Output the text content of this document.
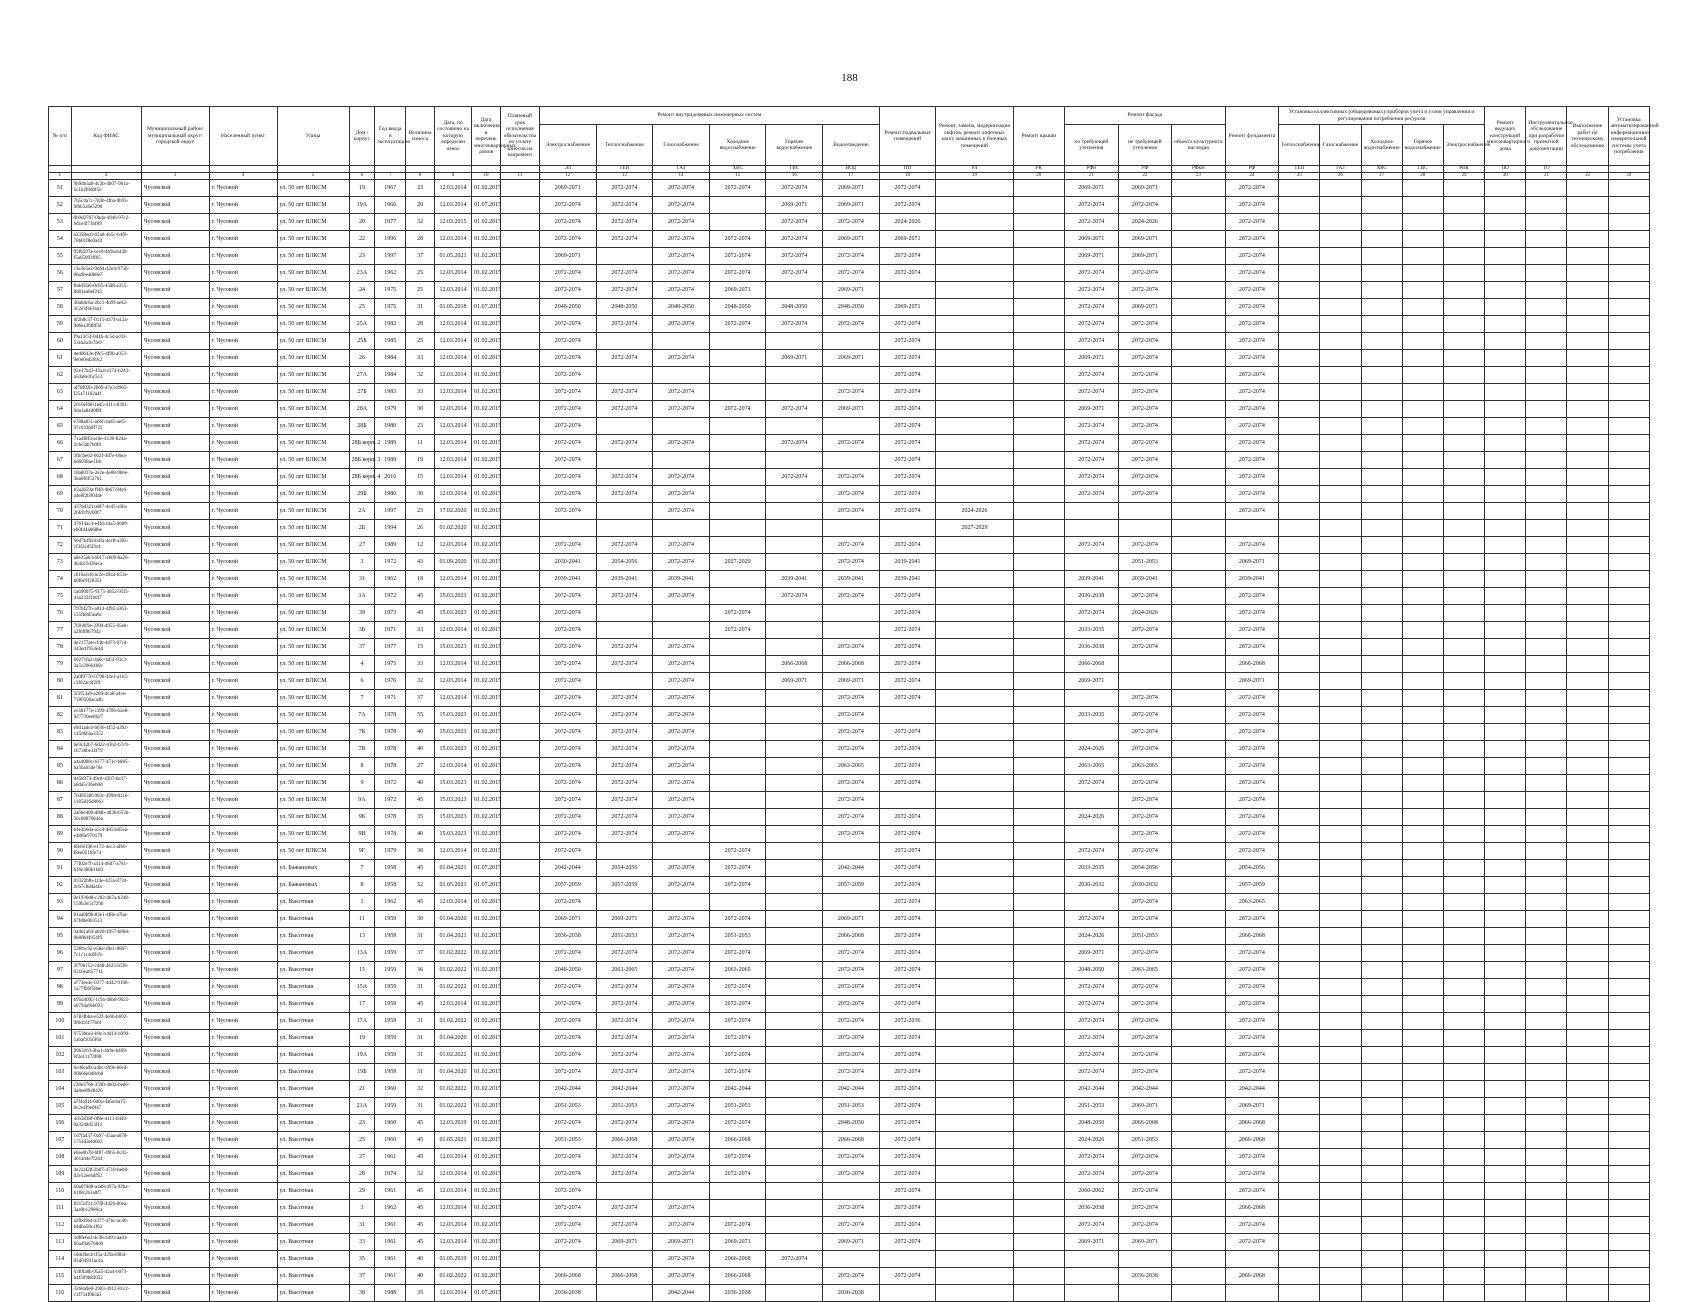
188
№ п/п	Код ФИАС	Муниципальный район/муниципальный округ/городской округ	Населенный пункт	Улица	Дом / корпус	Год ввода в эксплуатацию	Величина износа	Дата, по состоянию на которую определен износ	Дата включения в перечень многоквартирных домов	Плановый срок исполнения обязательства по уплате взносов на капремонт	Ремонт внутридомовых инженерных систем						Ремонт подвальных помещений	Ремонт, замена, модернизация лифтов, ремонт лифтовых шахт, машинных и блочных помещений	Ремонт крыши	Ремонт фасада			Ремонт фундамента	Установка коллективных (общедомовых) приборов учета и узлов управления и регулирования потребления ресурсов					Ремонт ведущих конструкций многоквартирного дома	Инструментальное обследование при разработке проектной документации	Выполнение работ по техническому обследованию	Установка автоматизированной информационно-измерительной системы учета потребления
											Электроснабжение	Теплоснабжение	Газоснабжение	Холодное водоснабжение	Горячее водоснабжение	Водоотведение				по требующей утепления	не требующей утепления	объекта культурного наследия		Теплоснабжение	Газоснабжение	Холодное водоснабжение	Горячее водоснабжение	Электроснабжение				
											ЭЛ	ТЕП	ГАЗ	ХВС	ГВС	ВОД	ПП	РЛ	РК	РФн	УФ	РФкН	РФ	ТЕП	ГАЗ	ХВС	ГВС	РВК	ПО	ТО		
1	2	3	4	5	6	7	8	9	10	11	12	13	14	15	16	17	18	19	20	21	22	23	24	25	26	27	28	29	30	31	32	33
51	9b9db3a0-4c3b-4b07-9b1a-5c1b2f0d6f5e	Чусовской	г. Чусовой	ул. 50 лет ВЛКСМ	19	1967	23	12.03.2014	01.02.2015		2069-2071	2072-2074	2072-2074	2072-2074	2072-2074	2069-2071	2072-2074			2069-2071	2069-2071		2072-2074									
52	7b5c4a7c-7d3b-4fba-9b93-0f6b5a6e5290	Чусовской	г. Чусовой	ул. 50 лет ВЛКСМ	19А	1966	20	12.03.2014	01.07.2015		2072-2074	2072-2074	2072-2074		2069-2071	2069-2071	2072-2074			2072-2074	2072-2074		2072-2074									
53	0b9d2767-0bda-4946-97c2-6d1e4f71bf09	Чусовской	г. Чусовой	ул. 50 лет ВЛКСМ	20	1977	32	12.03.2015	01.02.2015		2072-2074	2072-2074	2072-2074		2072-2074	2072-2074	2024-2026			2072-2074	2024-2026		2072-2074									
54	a3358ec0-65a0-4b5c-b4f0-78b01f8e0a43	Чусовской	г. Чусовой	ул. 50 лет ВЛКСМ	22	1996	28	12.03.2014	01.02.2015		2072-2074	2072-2074	2072-2074	2072-2074	2072-2074	2069-2071	2069-2071			2069-2071	2069-2071		2072-2074									
55	95f6597a-cec0-4b9a-b43b-f5a65093ff05	Чусовской	г. Чусовой	ул. 50 лет ВЛКСМ	23	1997	37	01.05.2021	01.02.2015		2069-2071		2072-2074	2072-2074	2072-2074	2072-2074	2072-2074			2069-2071	2069-2071		2072-2074									
56	c3e3b5e2-9d64-42e4-975b-06a9bea0b8e7	Чусовской	г. Чусовой	ул. 50 лет ВЛКСМ	23А	1962	25	12.03.2014	01.02.2015		2072-2074	2072-2074	2072-2074	2072-2074	2072-2074	2072-2074	2072-2074			2072-2074	2072-2074		2072-2074									
57	fbdd5fa6-0c85-43d8-a355-8d01ea0ef245	Чусовской	г. Чусовой	ул. 50 лет ВЛКСМ	24	1975	25	12.03.2014	01.02.2015		2072-2074	2072-2074	2072-2074	2069-2071		2069-2071				2072-2074	2072-2074		2072-2074									
58	40abdc6a-2bc5-4b9f-ae42-3c2e3f4e1ba1	Чусовской	г. Чусовой	ул. 50 лет ВЛКСМ	25	1975	31	01.05.2018	01.07.2015		2048-2050	2048-2050	2048-2050	2048-2050	2048-2050	2048-2050	2069-2071			2072-2074	2069-2071		2072-2074									
59	0f2b8c37-0115-4374-a12a-9d6ea36f8f5d	Чусовской	г. Чусовой	ул. 50 лет ВЛКСМ	25А	1982	28	12.03.2014	01.02.2015		2072-2074	2072-2074	2072-2074	2072-2074	2072-2074	2072-2074	2072-2074			2072-2074	2072-2074		2072-2074									
60	f9a13c5f-0d46-4c5d-ac03-53ea2a1b7fe9	Чусовской	г. Чусовой	ул. 50 лет ВЛКСМ	25Б	1985	25	12.03.2014	01.02.2015		2072-2074						2072-2074			2072-2074	2072-2074		2072-2074									
61	4ed0643e-f9c5-4f9b-a053-9e0e0ed269c2	Чусовской	г. Чусовой	ул. 50 лет ВЛКСМ	26	1984	33	12.03.2014	01.02.2015		2072-2074	2072-2074	2072-2074		2069-2071	2069-2071	2072-2074			2069-2071	2072-2074		2072-2074									
62	92e17b43-45a4-4174-b243-a5da8e1bc5c3	Чусовской	г. Чусовой	ул. 50 лет ВЛКСМ	27А	1984	32	12.03.2014	01.02.2015		2072-2074						2072-2074			2072-2074	2072-2074		2072-2074									
63	af78f02b-2b09-47e3-8965-f25a71182a4f	Чусовской	г. Чусовой	ул. 50 лет ВЛКСМ	27Б	1983	33	12.03.2014	01.02.2015		2072-2074	2072-2074	2072-2074			2072-2074	2072-2074			2072-2074	2072-2074		2072-2074									
64	2016ef68-1ed5-4111-8301-9da1a84d0f8f	Чусовской	г. Чусовой	ул. 50 лет ВЛКСМ	28А	1979	30	12.03.2014	01.02.2015		2072-2074	2072-2074	2072-2074	2072-2074	2072-2074	2069-2071	2072-2074			2069-2071	2072-2074		2072-2074									
65	e788a831-a6bf-4ad5-aef5-97c633b0f725	Чусовской	г. Чусовой	ул. 50 лет ВЛКСМ	28Б	1980	23	12.03.2014	01.02.2015		2072-2074						2072-2074			2072-2074	2072-2074		2072-2074									
66	71a4f8f3-ac0e-4130-824a-2cfe5ab7b0f0	Чусовской	г. Чусовой	ул. 50 лет ВЛКСМ	28Б корп. 2	1989	11	12.03.2014	01.02.2015		2072-2074	2072-2074	2072-2074		2072-2074	2072-2074	2072-2074			2072-2074	2072-2074		2072-2074									
67	3fbc6e62-662f-4d7e-b6ea-6d6038ae1fdc	Чусовской	г. Чусовой	ул. 50 лет ВЛКСМ	28Б корп. 3	1989	19	12.03.2014	01.02.2015		2072-2074						2072-2074			2072-2074	2072-2074		2072-2074									
68	18a8037e-2e2e-4e88-9b6e-3ba0f6f53761	Чусовской	г. Чусовой	ул. 50 лет ВЛКСМ	28Б корп. 4	2016	15	12.03.2014	01.02.2015		2072-2074	2072-2074	2072-2074		2072-2074	2072-2074	2072-2074			2072-2074	2072-2074		2072-2074									
69	b5a2659a-ff40-4b67-94c6-a4e8f2b9044e	Чусовской	г. Чусовой	ул. 50 лет ВЛКСМ	29Б	1980	30	12.03.2014	01.02.2015		2072-2074	2072-2074	2072-2074			2072-2074	2072-2074			2072-2074	2072-2074		2072-2074									
70	4376d321-a8f7-4cd5-a9fa-26fd1f9200f7	Чусовской	г. Чусовой	ул. 50 лет ВЛКСМ	2А	1997	23	17.02.2020	01.02.2015		2072-2074		2072-2074			2072-2074	2072-2074	2024-2026					2072-2074									
71	47614ac4-e4fd-44a5-b689-eb0fd4a668be	Чусовской	г. Чусовой	ул. 50 лет ВЛКСМ	2Б	1994	26	01.02.2020	01.02.2015									2027-2029														
72	66d7b492-b4fa-4ec8-a302-1f3f2cd5f3c4	Чусовской	г. Чусовой	ул. 50 лет ВЛКСМ	27	1989	12	12.03.2014	01.02.2015		2072-2074	2072-2074	2072-2074			2072-2074	2072-2074			2072-2074	2072-2074		2072-2074									
73	a0e25ab3-6017-4b09-ba26-4b4dc5d36eca	Чусовской	г. Чусовой	ул. 50 лет ВЛКСМ	3	1972	43	01.09.2020	01.02.2015		2030-2041	2054-2056	2072-2074	2027-2029		2072-2074	2039-2041				2051-2053		2069-2071									
74	c816a1c8-ac2e-4944-853e-b0f6e9f28351	Чусовской	г. Чусовой	ул. 50 лет ВЛКСМ	31	1962	18	12.03.2014	01.02.2015		2039-2041	2039-2041	2039-2041		2039-2041	2039-2041	2039-2041			2039-2041	2039-2041		2039-2041									
75	1a690075-9175-4852-95f3-43a233f1b0f7	Чусовской	г. Чусовой	ул. 50 лет ВЛКСМ	3А	1972	45	15.03.2023	01.02.2015		2072-2074	2072-2074	2072-2074		2072-2074	2072-2074	2072-2074			2036-2038	2072-2074		2072-2074									
76	797bf27b-a014-4f92-a363-125fb8d5ea6c	Чусовской	г. Чусовой	ул. 50 лет ВЛКСМ	39	1973	45	15.03.2023	01.02.2015		2072-2074			2072-2074			2072-2074			2072-2074	2024-2026		2072-2074									
77	7f2b0f9e-3394-4955-95eb-a2f6ff0b7942	Чусовской	г. Чусовой	ул. 50 лет ВЛКСМ	3Б	1971	33	12.03.2014	01.02.2015		2072-2074			2072-2074			2072-2074			2033-2035	2072-2074		2072-2074									
78	4e2177ae-cf4b-4d73-97cd-343ed1954e4d	Чусовской	г. Чусовой	ул. 50 лет ВЛКСМ	37	1977	15	15.03.2023	01.02.2015		2072-2074	2072-2074	2072-2074			2072-2074	2072-2074			2036-2038	2072-2074		2072-2074									
79	60271fa2-4a6c-4d5f-93c3-3a5c20664b0c	Чусовской	г. Чусовой	ул. 50 лет ВЛКСМ	4	1975	33	12.03.2014	01.02.2015		2072-2074	2072-2074	2072-2074		2066-2068	2066-2068	2072-2074			2066-2068			2066-2068									
80	2a0f0776-0798-42e1-a1b5-c3f02ac6f2f9	Чусовской	г. Чусовой	ул. 50 лет ВЛКСМ	6	1976	32	12.03.2014	01.02.2015		2072-2074		2072-2074		2069-2071	2069-2071	2072-2074			2069-2071			2069-2071									
81	5f3f53a9-a289-4ca8-a4ce-7180506aca4b	Чусовской	г. Чусовой	ул. 50 лет ВЛКСМ	7	1971	37	12.03.2014	01.02.2015		2072-2074	2072-2074	2072-2074			2072-2074	2072-2074				2072-2074		2072-2074									
82	ec38177e-c399-4706-b2e8-927730ee8b27	Чусовской	г. Чусовой	ул. 50 лет ВЛКСМ	7А	1978	55	15.03.2023	01.02.2015		2072-2074	2072-2074	2072-2074			2072-2074				2033-2035	2072-2074		2072-2074									
83	e9d1adc4-b636-4f52-a392-145d66aa3352	Чусовской	г. Чусовой	ул. 50 лет ВЛКСМ	7Б	1978	46	15.03.2023	01.02.2015		2072-2074	2072-2074	2072-2074			2072-2074	2072-2074				2072-2074		2072-2074									
84	6e9c42b7-6d22-43b2-b7c9-1b738be12f79	Чусовской	г. Чусовой	ул. 50 лет ВЛКСМ	7В	1978	40	15.03.2023	01.02.2015		2072-2074	2072-2074	2072-2074			2072-2074	2072-2074			2024-2026	2072-2074		2072-2074									
85	a4a4080c-b377-471c-b885-ba5ba65de76e	Чусовской	г. Чусовой	ул. 50 лет ВЛКСМ	8	1978	27	12.03.2014	01.02.2015		2072-2074	2072-2074	2072-2074			2063-2065	2072-2074			2063-2065	2063-2065		2072-2074									
86	0458373-49c8-4507-be37-a6da5c36eb0d	Чусовской	г. Чусовой	ул. 50 лет ВЛКСМ	9	1972	40	15.03.2023	01.02.2015		2072-2074	2072-2074	2072-2074			2072-2074	2072-2074			2072-2074	2072-2074		2072-2074									
87	7649538f-963c-4998-8116-1185826d8063	Чусовской	г. Чусовой	ул. 50 лет ВЛКСМ	9А	1972	45	15.03.2023	01.02.2015		2072-2074	2072-2074	2072-2074			2072-2074					2072-2074		2072-2074									
88	2a6be400-d8db-4836-b55b-56c0887664ea	Чусовской	г. Чусовой	ул. 50 лет ВЛКСМ	9Б	1978	35	15.03.2023	01.02.2015		2072-2074	2072-2074	2072-2074			2072-2074	2072-2074			2024-2026	2072-2074		2072-2074									
89	b4e3b6da-a5cd-4854-85ea-e48f6e970179	Чусовской	г. Чусовой	ул. 50 лет ВЛКСМ	9В	1978	40	15.03.2023	01.02.2015		2072-2074	2072-2074	2072-2074			2072-2074	2072-2074				2072-2074		2072-2074									
90	6fe6b198-e172-4cc3-af60-f8ee0516fe74	Чусовской	г. Чусовой	ул. 50 лет ВЛКСМ	9Г	1979	30	12.03.2014	01.02.2015		2072-2074			2072-2074			2072-2074			2072-2074	2072-2074		2072-2074									
91	77f02e7f-a414-46d7-a781-616e380b1b83	Чусовской	г. Чусовой	ул. Бажановых	7	1958	45	01.04.2021	01.07.2015		2042-2044	2054-2056	2072-2074	2072-2074		2042-2044	2072-2074			2033-2035	2054-2056		2054-2056									
92	03322bfb-1f4e-425a-8724-2c67c8dda4fa	Чусовской	г. Чусовой	ул. Бажановых	8	1958	52	01.05.2021	01.07.2015		2057-2059	2057-2059	2072-2074	2072-2074		2057-2059	2072-2074			2030-2032	2030-2032		2057-2059									
93	9e1930d8-c302-4b7a-b348-159b3e51729b	Чусовской	г. Чусовой	ул. Высотная	1	1962	45	12.03.2014	01.02.2015		2072-2074						2072-2074				2072-2074		2063-2065									
94	81aa0b98-83e1-4f8e-a7ba-67fd0e003513	Чусовской	г. Чусовой	ул. Высотная	11	1959	30	01.04.2020	01.02.2015		2069-2071	2069-2071	2072-2074	2072-2074		2069-2071	2072-2074			2072-2074	2072-2074		2072-2074									
95	3a4b1a64-a028-4957-b86d-0b0f8d4954f9	Чусовской	г. Чусовой	ул. Высотная	13	1959	31	01.04.2021	01.02.2015		2036-2038	2051-2053	2072-2074	2051-2053		2066-2068	2072-2074			2024-2026	2051-2053		2066-2068									
96	52f81c92-e58e-49e1-8807-7c1c1c4d2b7e	Чусовской	г. Чусовой	ул. Высотная	13А	1959	37	01.02.2022	01.02.2015		2072-2074	2072-2074	2072-2074	2072-2074		2072-2074	2072-2074			2069-2071	2072-2074		2072-2074									
97	3f70b152-cd48-4625-b5f6-0316ea857711	Чусовской	г. Чусовой	ул. Высотная	15	1959	36	01.02.2022	01.02.2015		2048-2050	2063-2065	2072-2074	2063-2065		2072-2074	2072-2074			2048-2050	2063-2065		2072-2074									
98	a773ee4c-0377-4d42-9108-1a77fb6f58ee	Чусовской	г. Чусовой	ул. Высотная	15А	1959	31	01.02.2022	01.02.2015		2072-2074	2072-2074	2072-2074	2072-2074		2072-2074	2072-2074			2072-2074	2072-2074		2072-2074									
99	b95d4095-1c9a-48b6-9625-a6794a9eb023	Чусовской	г. Чусовой	ул. Высотная	17	1959	45	12.03.2014	01.02.2015		2072-2074	2072-2074	2072-2074	2072-2074		2072-2074	2072-2074			2072-2074	2072-2074		2072-2074									
100	6783fbba-e52f-4e6b-b692-9f6d1f477b6f	Чусовской	г. Чусовой	ул. Высотная	17А	1959	31	01.02.2022	01.02.2015		2072-2074	2072-2074	2072-2074	2072-2074		2072-2074	2072-2036			2072-2074	2072-2074		2072-2074									
101	0753bbe3-b9c3-4d14-b990-1a6af1056f6d	Чусовской	г. Чусовой	ул. Высотная	19	1959	31	01.04.2020	01.02.2015		2072-2074	2072-2074	2072-2074	2072-2074		2072-2074	2072-2074			2072-2074	2072-2074		2072-2074									
102	99b3263-3ba1-4b9e-b469-6f2e11173f08	Чусовской	г. Чусовой	ул. Высотная	19А	1959	31	01.02.2022	01.02.2015		2072-2074	2072-2074	2072-2074	2072-2074		2072-2074	2072-2074			2072-2074	2072-2074		2072-2074									
103	6cd0ca9a-a4bc-499e-b0cd-90666e0d8cb8	Чусовской	г. Чусовой	ул. Высотная	19Б	1959	31	01.04.2020	01.02.2015		2072-2074	2072-2074	2072-2074	2072-2074		2072-2074	2072-2074			2072-2074	2072-2074		2072-2074									
104	c28e376b-3590-4b02-bed6-4a8ee0948426	Чусовской	г. Чусовой	ул. Высотная	21	1960	32	01.02.2022	01.02.2015		2042-2044	2042-2044	2072-2074	2042-2044		2042-2044	2072-2074			2042-2044	2042-2044		2042-2044									
105	a7f4a91f-0d0a-4a6a-ba75-0c2e4f9e0f47	Чусовской	г. Чусовой	ул. Высотная	21А	1959	31	01.02.2022	01.02.2015		2051-2053	2051-2053	2072-2074	2051-2053		2051-2053	2072-2074			2051-2053	2069-2071		2069-2071									
106	4cb5838f-0f8e-4111-b440-0a3548d53f12	Чусовской	г. Чусовой	ул. Высотная	23	1960	45	12.03.2019	01.02.2015		2072-2074	2072-2074	2072-2074	2072-2074		2048-2050	2072-2074			2048-2050	2066-2068		2066-2068									
107	1d7fa437-0a97-45aa-a078-1754d3efd663	Чусовской	г. Чусовой	ул. Высотная	25	1960	45	01.05.2021	01.02.2015		2051-2053	2066-2068	2072-2074	2066-2068		2066-2068	2072-2074			2024-2026	2051-2053		2066-2068									
108	e6ae0b78-6f87-49b5-8c45-461ad4e7f244	Чусовской	г. Чусовой	ул. Высотная	27	1961	45	12.03.2014	01.02.2015		2072-2074	2072-2074	2072-2074	2072-2074		2072-2074	2072-2074			2072-2074	2072-2074		2072-2074									
109	4e22af28-2b07-4718-beb8-d2e52ee4df92	Чусовской	г. Чусовой	ул. Высотная	28	1974	32	12.03.2014	01.02.2015		2072-2074	2072-2074	2072-2074	2072-2074		2072-2074	2072-2074			2072-2074	2072-2074		2072-2074									
110	b0a07d88-a4d8-497a-92ba-b1f8c2b1a8f7	Чусовской	г. Чусовой	ул. Высотная	29	1961	45	12.03.2014	01.02.2015		2072-2074						2072-2074			2060-2062	2072-2074		2072-2074									
111	8215cf31-97f8-4426-86ea-3aa0b12986ca	Чусовской	г. Чусовой	ул. Высотная	3	1962	45	12.03.2014	01.02.2015		2072-2074	2072-2074	2072-2074			2072-2074	2072-2074			2036-2038	2072-2074		2066-2068									
112	a2fbd9b4-a377-47bc-ac46-b4dba58c1f63	Чусовской	г. Чусовой	ул. Высотная	31	1961	45	12.03.2014	01.02.2015		2072-2074	2072-2074	2072-2074	2072-2074		2072-2074	2072-2074			2072-2074	2072-2074		2072-2074									
113	3df8e6e3-4c48-4491-aad1-b6a49a6768d0	Чусовской	г. Чусовой	ул. Высотная	33	1961	45	12.03.2014	01.02.2015		2072-2074	2069-2071	2069-2071	2069-2071		2069-2071	2072-2074			2069-2071	2069-2071		2072-2074									
114	c6dcfbe4-cf5a-429a-b9b4-05d04931ac4a	Чусовской	г. Чусовой	ул. Высотная	35	1961	40	01.05.2019	01.02.2015				2072-2074	2066-2068	2072-2074																	
115	63f0fa0b-95a5-42a4-b073-b4f309b83052	Чусовской	г. Чусовой	ул. Высотная	37	1961	40	01.02.2022	01.02.2015		2066-2068	2066-2068	2072-2074	2066-2068		2072-2074	2072-2074				2036-2038		2066-2068									
116	3268a9e0-3903-4912-81c2-c1f754f0b3a5	Чусовской	г. Чусовой	ул. Высотная	38	1988	35	12.03.2014	01.07.2015		2036-2038		2042-2044	2036-2038		2036-2038																
